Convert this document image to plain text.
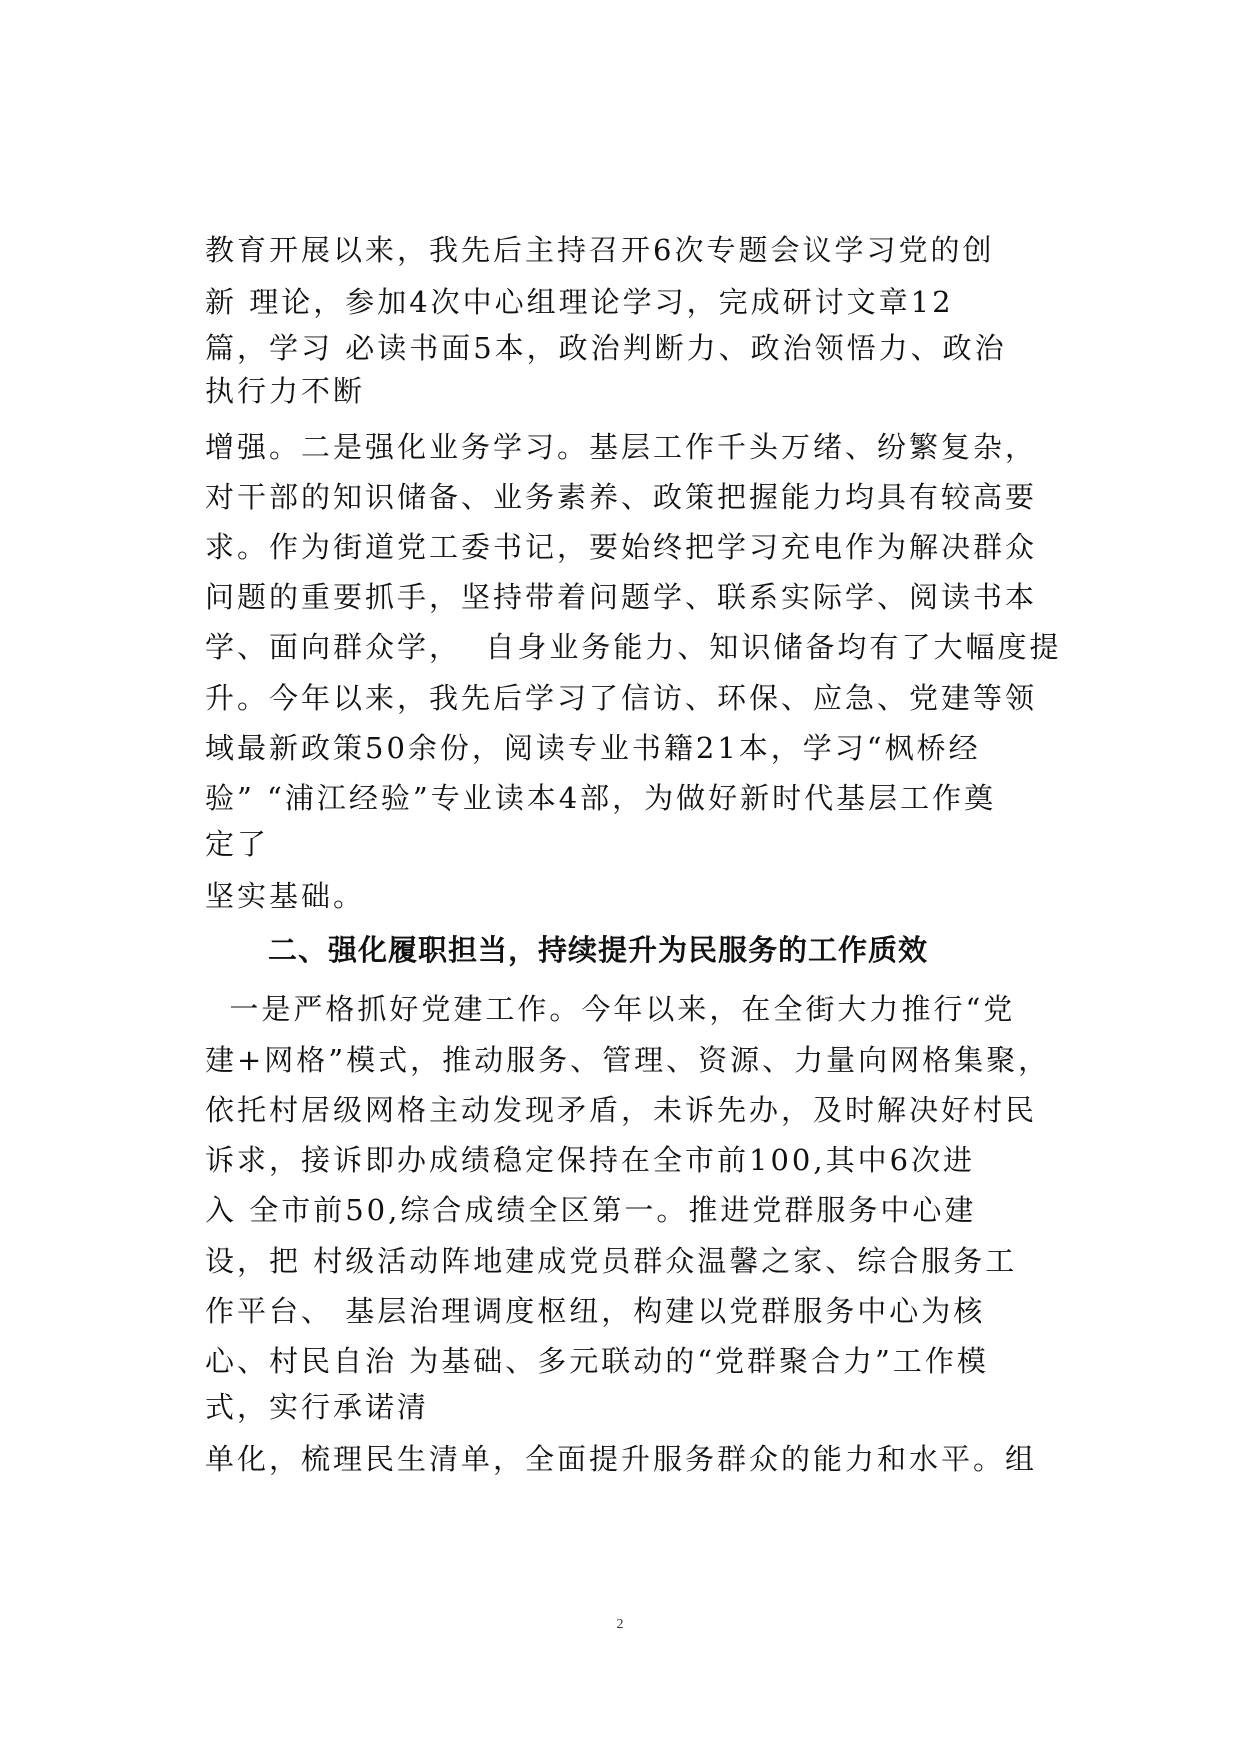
教育开展以来，我先后主持召开6次专题会议学习党的创
新 理论，参加4次中心组理论学习，完成研讨文章12
篇，学习 必读书面5本，政治判断力、政治领悟力、政治
执行力不断
增强。二是强化业务学习。基层工作千头万绪、纷繁复杂，
对干部的知识储备、业务素养、政策把握能力均具有较高要
求。作为街道党工委书记，要始终把学习充电作为解决群众
问题的重要抓手，坚持带着问题学、联系实际学、阅读书本
学、面向群众学，  自身业务能力、知识储备均有了大幅度提
升。今年以来，我先后学习了信访、环保、应急、党建等领
域最新政策50余份，阅读专业书籍21本，学习“枫桥经
验” “浦江经验”专业读本4部，为做好新时代基层工作奠
定了
坚实基础。
二、强化履职担当，持续提升为民服务的工作质效
一是严格抓好党建工作。今年以来，在全街大力推行“党
建+网格”模式，推动服务、管理、资源、力量向网格集聚，
依托村居级网格主动发现矛盾，未诉先办，及时解决好村民
诉求，接诉即办成绩稳定保持在全市前100,其中6次进
入 全市前50,综合成绩全区第一。推进党群服务中心建
设，把 村级活动阵地建成党员群众温馨之家、综合服务工
作平台、 基层治理调度枢纽，构建以党群服务中心为核
心、村民自治 为基础、多元联动的“党群聚合力”工作模
式，实行承诺清
单化，梳理民生清单，全面提升服务群众的能力和水平。组
2
